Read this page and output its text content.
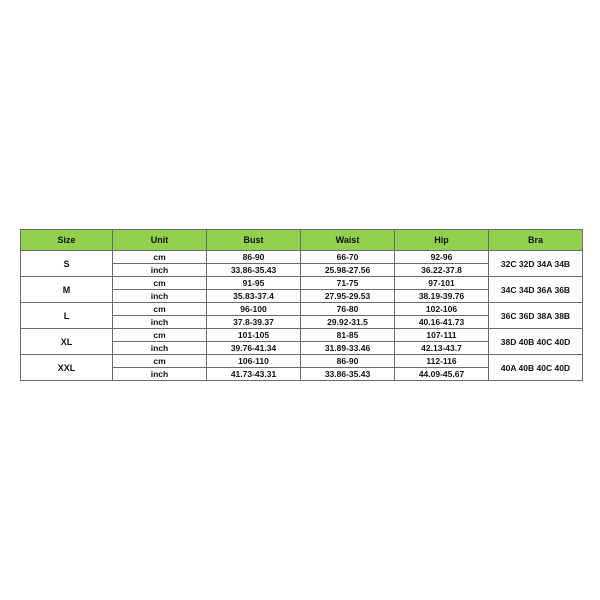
Size	Unit	Bust	Waist	Hip	Bra
S	cm	86-90	66-70	92-96	32C 32D 34A 34B
	inch	33.86-35.43	25.98-27.56	36.22-37.8	
M	cm	91-95	71-75	97-101	34C 34D 36A 36B
	inch	35.83-37.4	27.95-29.53	38.19-39.76	
L	cm	96-100	76-80	102-106	36C 36D 38A 38B
	inch	37.8-39.37	29.92-31.5	40.16-41.73	
XL	cm	101-105	81-85	107-111	38D 40B 40C 40D
	inch	39.76-41.34	31.89-33.46	42.13-43.7	
XXL	cm	106-110	86-90	112-116	40A 40B 40C 40D
	inch	41.73-43.31	33.86-35.43	44.09-45.67	
